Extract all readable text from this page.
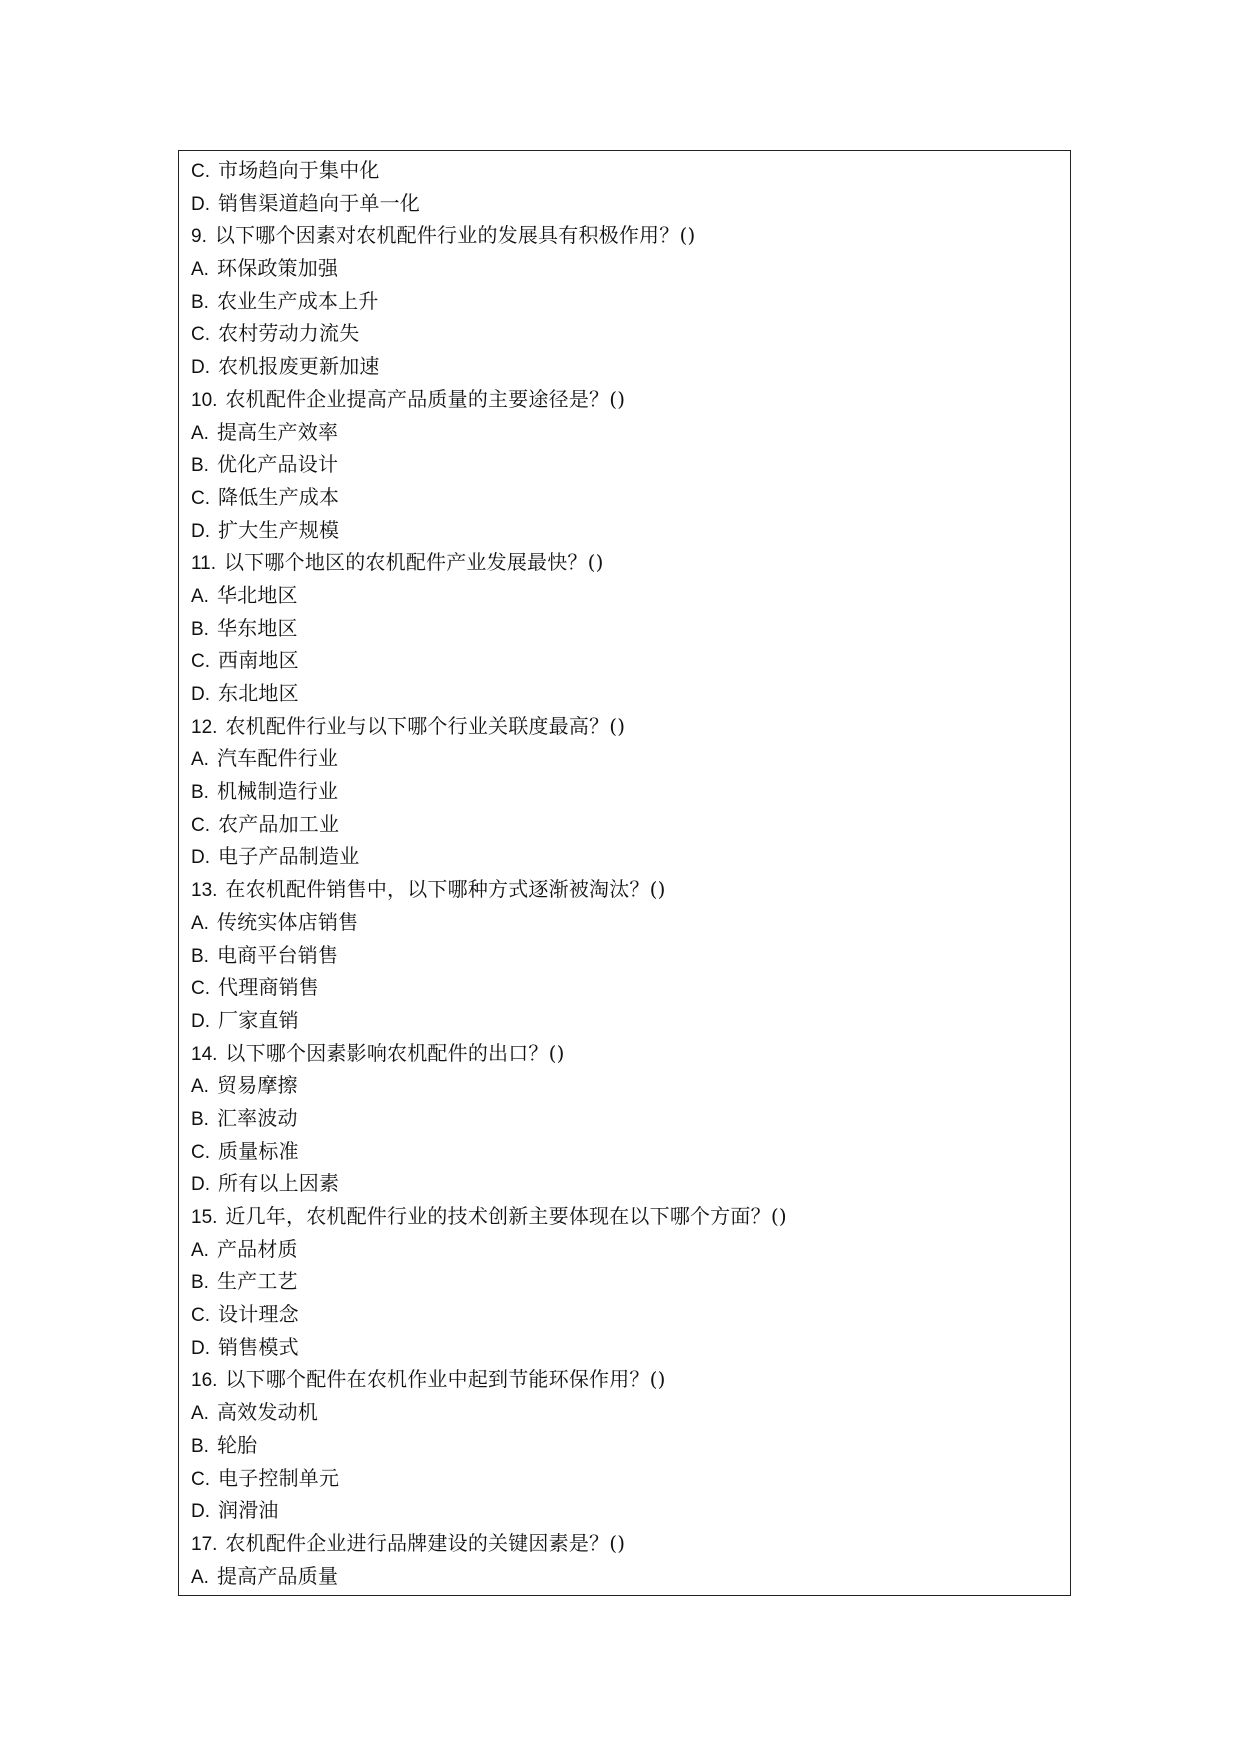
C. 市场趋向于集中化
D. 销售渠道趋向于单一化
9. 以下哪个因素对农机配件行业的发展具有积极作用？()
A. 环保政策加强
B. 农业生产成本上升
C. 农村劳动力流失
D. 农机报废更新加速
10. 农机配件企业提高产品质量的主要途径是？()
A. 提高生产效率
B. 优化产品设计
C. 降低生产成本
D. 扩大生产规模
11. 以下哪个地区的农机配件产业发展最快？()
A. 华北地区
B. 华东地区
C. 西南地区
D. 东北地区
12. 农机配件行业与以下哪个行业关联度最高？()
A. 汽车配件行业
B. 机械制造行业
C. 农产品加工业
D. 电子产品制造业
13. 在农机配件销售中，以下哪种方式逐渐被淘汰？()
A. 传统实体店销售
B. 电商平台销售
C. 代理商销售
D. 厂家直销
14. 以下哪个因素影响农机配件的出口？()
A. 贸易摩擦
B. 汇率波动
C. 质量标准
D. 所有以上因素
15. 近几年，农机配件行业的技术创新主要体现在以下哪个方面？()
A. 产品材质
B. 生产工艺
C. 设计理念
D. 销售模式
16. 以下哪个配件在农机作业中起到节能环保作用？()
A. 高效发动机
B. 轮胎
C. 电子控制单元
D. 润滑油
17. 农机配件企业进行品牌建设的关键因素是？()
A. 提高产品质量
